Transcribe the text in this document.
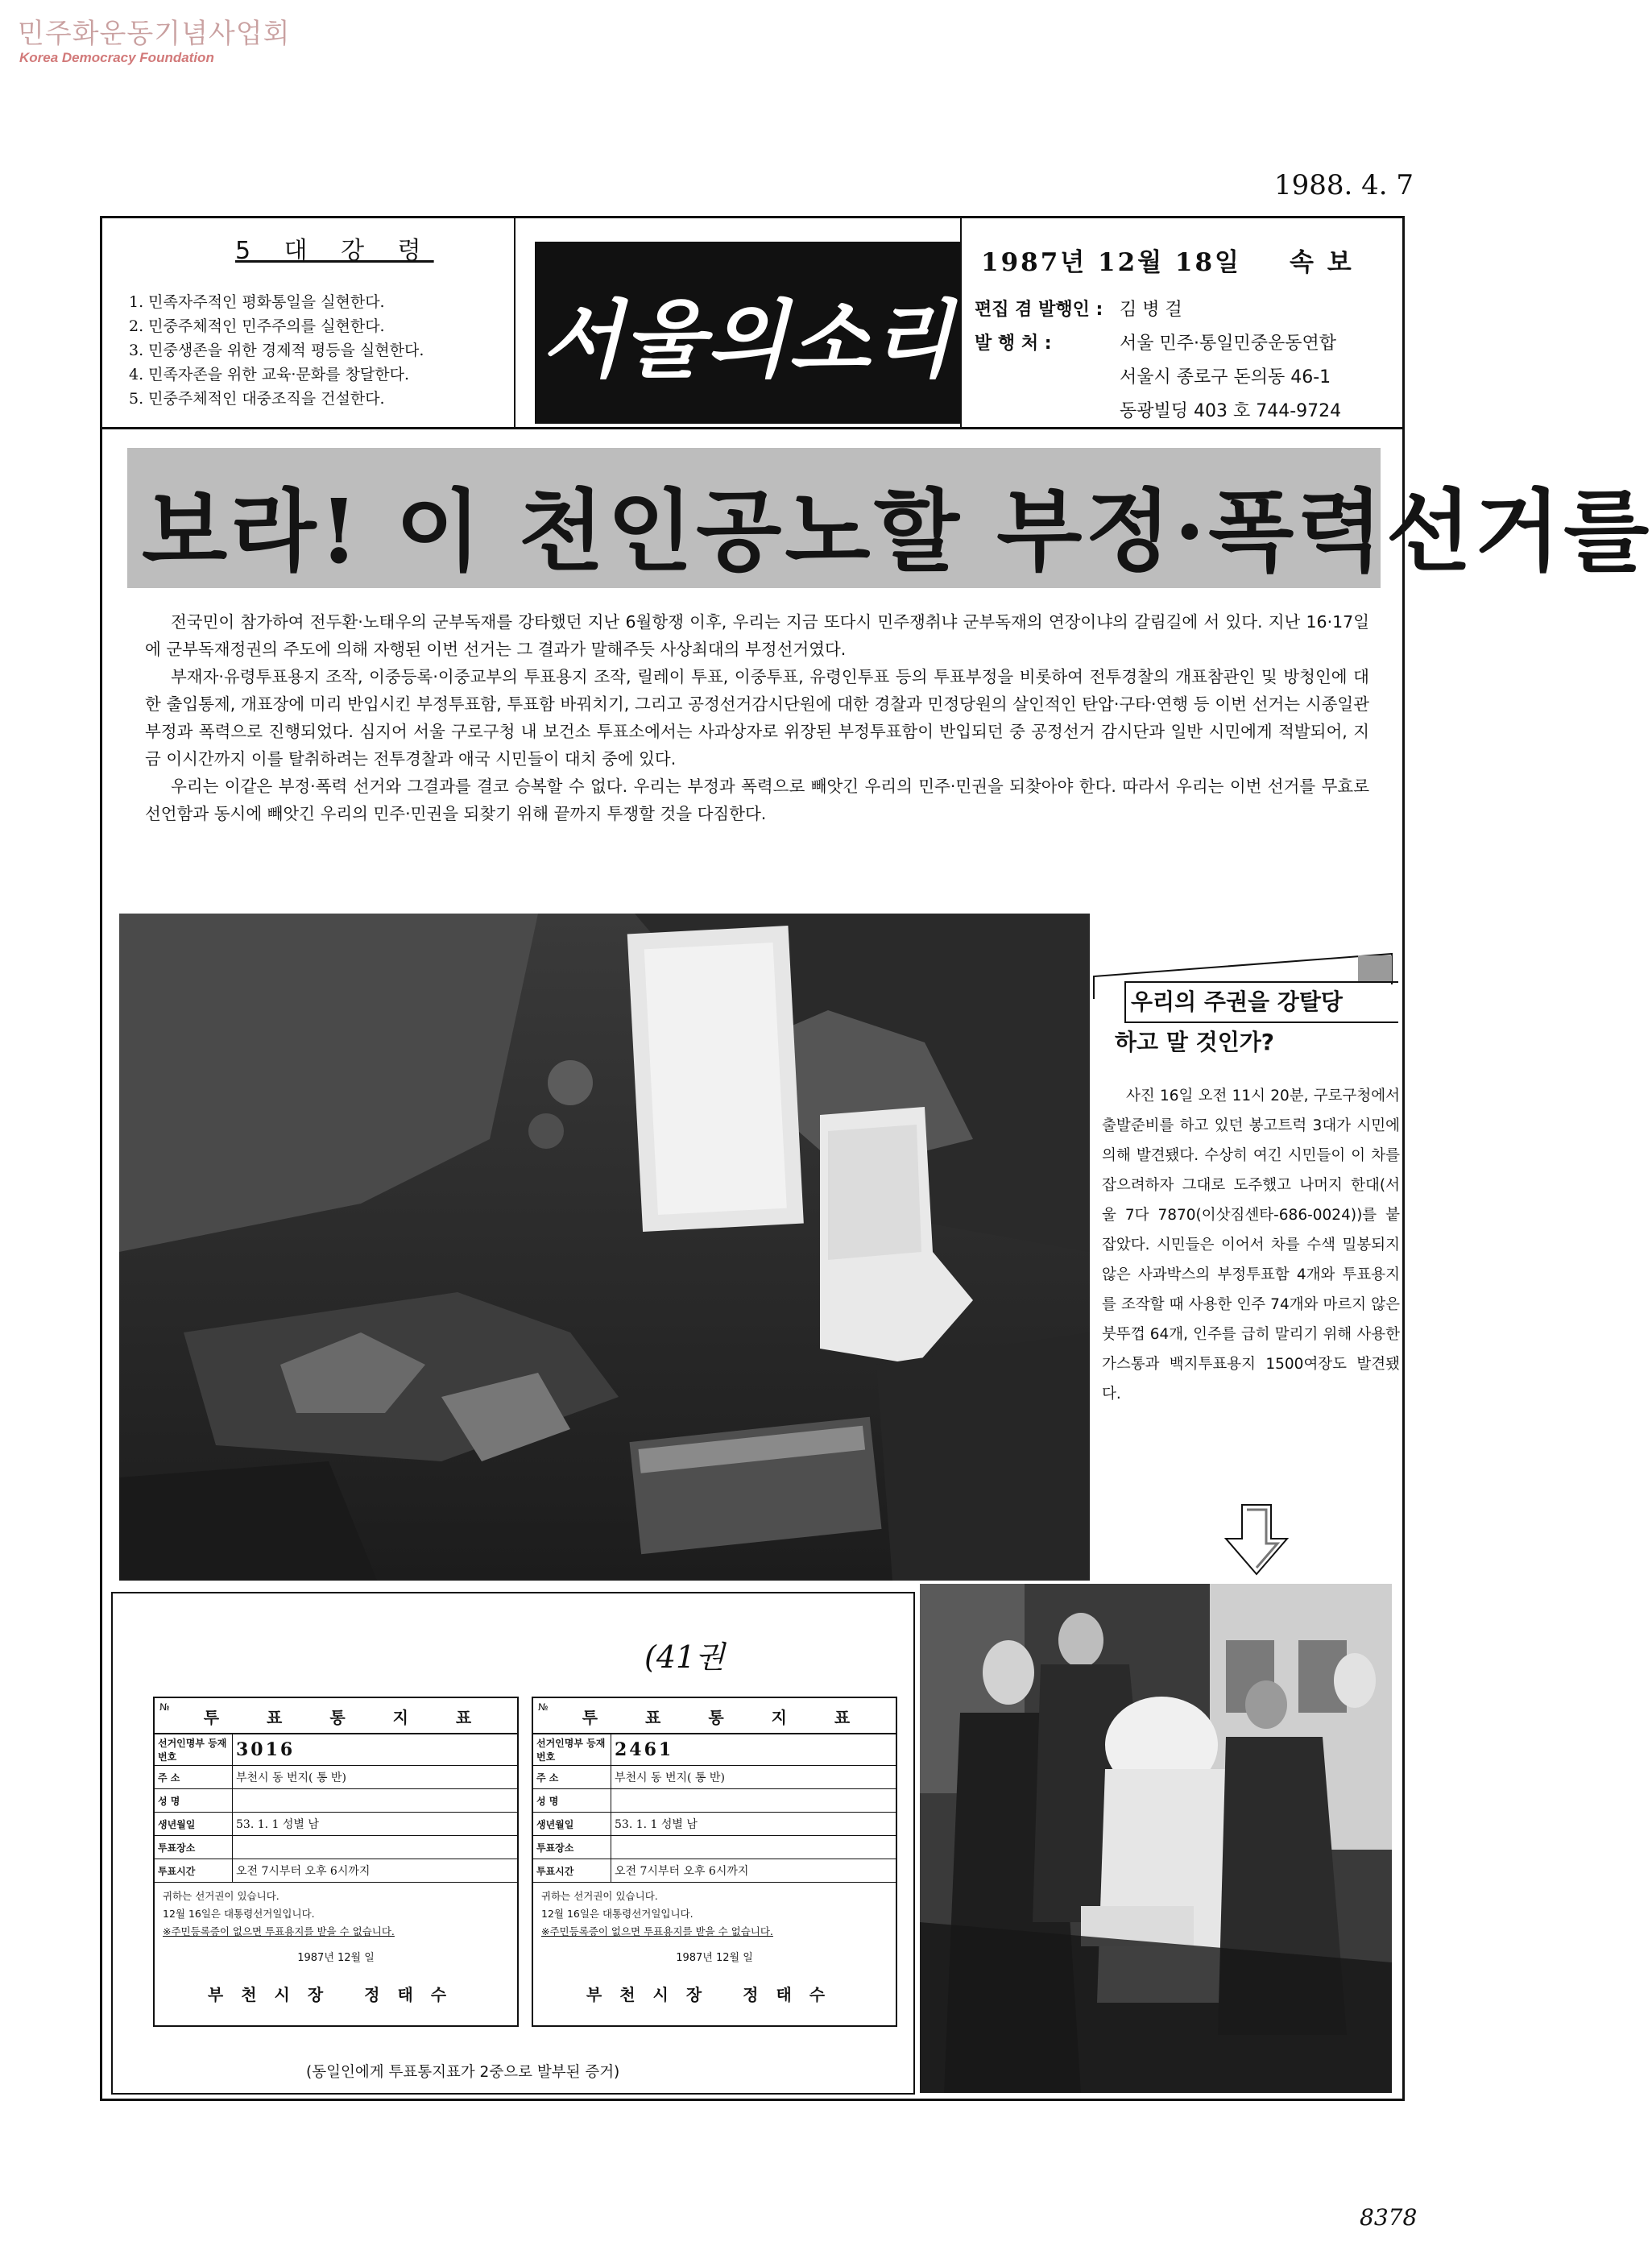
민주화운동기념사업회
Korea Democracy Foundation
1988. 4. 7
5 대 강 령
1. 민족자주적인 평화통일을 실현한다.
2. 민중주체적인 민주주의를 실현한다.
3. 민중생존을 위한 경제적 평등을 실현한다.
4. 민족자존을 위한 교육·문화를 창달한다.
5. 민중주체적인 대중조직을 건설한다.
서울의소리
1987년 12월 18일 속 보
편집 겸 발행인 : 김 병 걸
발 행 처 :	서울 민주·통일민중운동연합
서울시 종로구 돈의동 46-1
동광빌딩 403 호 744-9724
보라! 이 천인공노할 부정·폭력선거를

전국민이 참가하여 전두환·노태우의 군부독재를 강타했던 지난 6월항쟁 이후, 우리는 지금 또다시 민주쟁취냐 군부독재의 연장이냐의 갈림길에 서 있다. 지난 16·17일에 군부독재정권의 주도에 의해 자행된 이번 선거는 그 결과가 말해주듯 사상최대의 부정선거였다.

부재자·유령투표용지 조작, 이중등록·이중교부의 투표용지 조작, 릴레이 투표, 이중투표, 유령인투표 등의 투표부정을 비롯하여 전투경찰의 개표참관인 및 방청인에 대한 출입통제, 개표장에 미리 반입시킨 부정투표함, 투표함 바꿔치기, 그리고 공정선거감시단원에 대한 경찰과 민정당원의 살인적인 탄압·구타·연행 등 이번 선거는 시종일관 부정과 폭력으로 진행되었다. 심지어 서울 구로구청 내 보건소 투표소에서는 사과상자로 위장된 부정투표함이 반입되던 중 공정선거 감시단과 일반 시민에게 적발되어, 지금 이시간까지 이를 탈취하려는 전투경찰과 애국 시민들이 대치 중에 있다.

우리는 이같은 부정·폭력 선거와 그결과를 결코 승복할 수 없다. 우리는 부정과 폭력으로 빼앗긴 우리의 민주·민권을 되찾아야 한다. 따라서 우리는 이번 선거를 무효로 선언함과 동시에 빼앗긴 우리의 민주·민권을 되찾기 위해 끝까지 투쟁할 것을 다짐한다.

우리의 주권을 강탈당
하고 말 것인가?
사진 16일 오전 11시 20분, 구로구청에서 출발준비를 하고 있던 봉고트럭 3대가 시민에 의해 발견됐다. 수상히 여긴 시민들이 이 차를 잡으려하자 그대로 도주했고 나머지 한대(서울 7다 7870(이삿짐센타-686-0024))를 붙잡았다. 시민들은 이어서 차를 수색 밀봉되지 않은 사과박스의 부정투표함 4개와 투표용지를 조작할 때 사용한 인주 74개와 마르지 않은 붓뚜껍 64개, 인주를 급히 말리기 위해 사용한 가스통과 백지투표용지 1500여장도 발견됐다.
(41권
№
투 표 통 지 표
선거인명부 등재번호	3016
주 소	부천시 동 번지( 통 반)
성 명	
생년월일	53. 1. 1 성별 남
투표장소	
투표시간	오전 7시부터 오후 6시까지
귀하는 선거권이 있습니다.
12월 16일은 대통령선거일입니다.
※주민등록증이 없으면 투표용지를 받을 수 없습니다.
1987년 12월 일
부천시장 정태수
№
투 표 통 지 표
선거인명부 등재번호	2461
주 소	부천시 동 번지( 통 반)
성 명	
생년월일	53. 1. 1 성별 남
투표장소	
투표시간	오전 7시부터 오후 6시까지
귀하는 선거권이 있습니다.
12월 16일은 대통령선거일입니다.
※주민등록증이 없으면 투표용지를 받을 수 없습니다.
1987년 12월 일
부천시장 정태수
(동일인에게 투표통지표가 2중으로 발부된 증거)
8378
